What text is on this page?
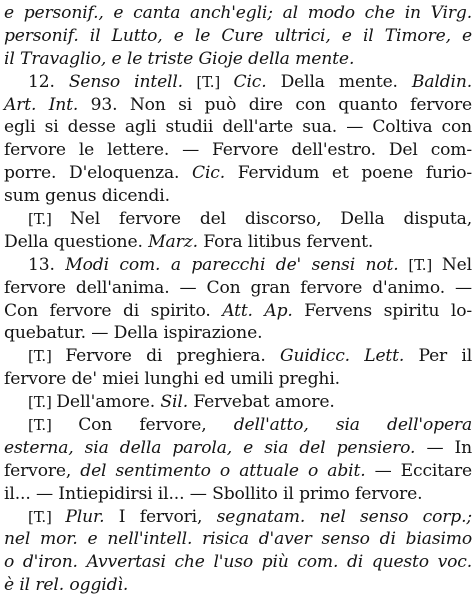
e personif., e canta anch'egli; al modo che in Virg.
personif. il Lutto, e le Cure ultrici, e il Timore, e
il Travaglio, e le triste Gioje della mente.
12. Senso intell. [T.] Cic. Della mente. Baldin.
Art. Int. 93. Non si può dire con quanto fervore
egli si desse agli studii dell'arte sua. — Coltiva con
fervore le lettere. — Fervore dell'estro. Del com-
porre. D'eloquenza. Cic. Fervidum et poene furio-
sum genus dicendi.
[T.] Nel fervore del discorso, Della disputa,
Della questione. Marz. Fora litibus fervent.
13. Modi com. a parecchi de' sensi not. [T.] Nel
fervore dell'anima. — Con gran fervore d'animo. —
Con fervore di spirito. Att. Ap. Fervens spiritu lo-
quebatur. — Della ispirazione.
[T.] Fervore di preghiera. Guidicc. Lett. Per il
fervore de' miei lunghi ed umili preghi.
[T.] Dell'amore. Sil. Fervebat amore.
[T.] Con fervore, dell'atto, sia dell'opera
esterna, sia della parola, e sia del pensiero. — In
fervore, del sentimento o attuale o abit. — Eccitare
il... — Intiepidirsi il... — Sbollito il primo fervore.
[T.] Plur. I fervori, segnatam. nel senso corp.;
nel mor. e nell'intell. risica d'aver senso di biasimo
o d'iron. Avvertasi che l'uso più com. di questo voc.
è il rel. oggidì.
